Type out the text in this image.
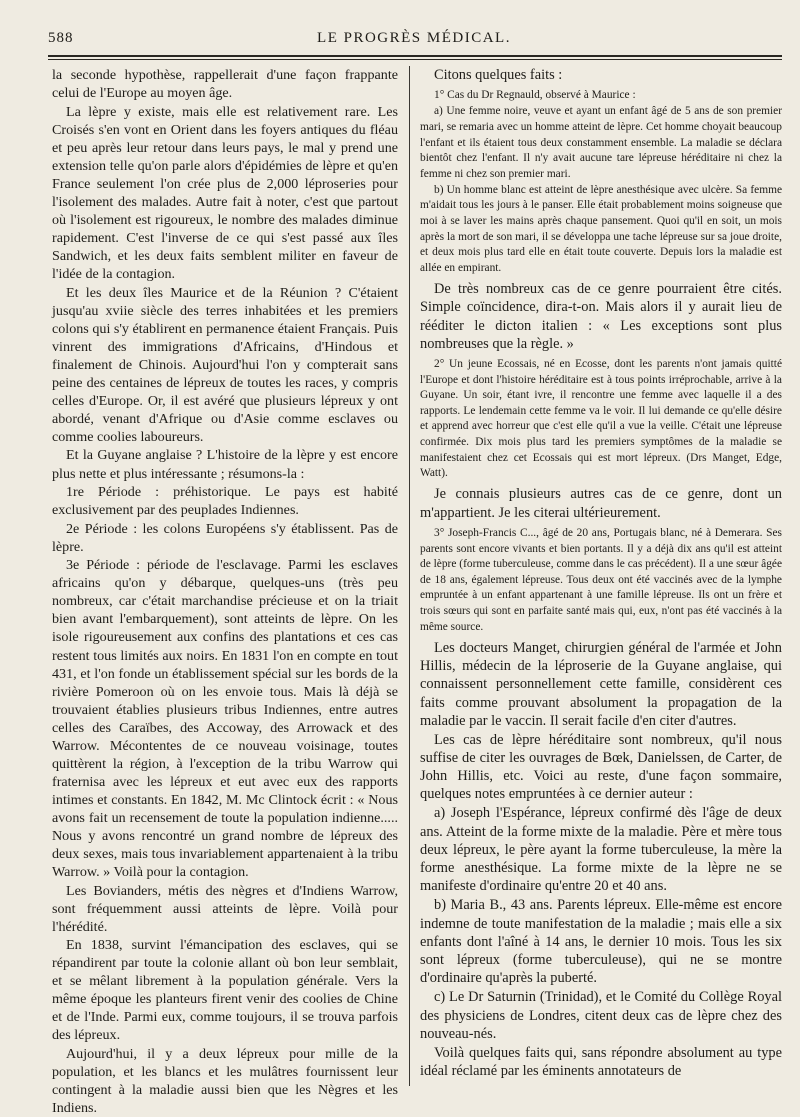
588	LE PROGRÈS MÉDICAL.

la seconde hypothèse, rappellerait d'une façon frappante celui de l'Europe au moyen âge.

La lèpre y existe, mais elle est relativement rare. Les Croisés s'en vont en Orient dans les foyers antiques du fléau et peu après leur retour dans leurs pays, le mal y prend une extension telle qu'on parle alors d'épidémies de lèpre et qu'en France seulement l'on crée plus de 2,000 léproseries pour l'isolement des malades. Autre fait à noter, c'est que partout où l'isolement est rigoureux, le nombre des malades diminue rapidement. C'est l'inverse de ce qui s'est passé aux îles Sandwich, et les deux faits semblent militer en faveur de l'idée de la contagion.

Et les deux îles Maurice et de la Réunion ? C'étaient jusqu'au xviie siècle des terres inhabitées et les premiers colons qui s'y établirent en permanence étaient Français. Puis vinrent des immigrations d'Africains, d'Hindous et finalement de Chinois. Aujourd'hui l'on y compterait sans peine des centaines de lépreux de toutes les races, y compris celles d'Europe. Or, il est avéré que plusieurs lépreux y ont abordé, venant d'Afrique ou d'Asie comme esclaves ou comme coolies laboureurs.

Et la Guyane anglaise ? L'histoire de la lèpre y est encore plus nette et plus intéressante ; résumons-la :

1re Période : préhistorique. Le pays est habité exclusivement par des peuplades Indiennes.

2e Période : les colons Européens s'y établissent. Pas de lèpre.

3e Période : période de l'esclavage. Parmi les esclaves africains qu'on y débarque, quelques-uns (très peu nombreux, car c'était marchandise précieuse et on la triait bien avant l'embarquement), sont atteints de lèpre. On les isole rigoureusement aux confins des plantations et ces cas restent tous limités aux noirs. En 1831 l'on en compte en tout 431, et l'on fonde un établissement spécial sur les bords de la rivière Pomeroon où on les envoie tous. Mais là déjà se trouvaient établies plusieurs tribus Indiennes, entre autres celles des Caraïbes, des Accoway, des Arrowack et des Warrow. Mécontentes de ce nouveau voisinage, toutes quittèrent la région, à l'exception de la tribu Warrow qui fraternisa avec les lépreux et eut avec eux des rapports intimes et constants. En 1842, M. Mc Clintock écrit : « Nous avons fait un recensement de toute la population indienne..... Nous y avons rencontré un grand nombre de lépreux des deux sexes, mais tous invariablement appartenaient à la tribu Warrow. » Voilà pour la contagion.

Les Bovianders, métis des nègres et d'Indiens Warrow, sont fréquemment aussi atteints de lèpre. Voilà pour l'hérédité.

En 1838, survint l'émancipation des esclaves, qui se répandirent par toute la colonie allant où bon leur semblait, et se mêlant librement à la population générale. Vers la même époque les planteurs firent venir des coolies de Chine et de l'Inde. Parmi eux, comme toujours, il se trouva parfois des lépreux.

Aujourd'hui, il y a deux lépreux pour mille de la population, et les blancs et les mulâtres fournissent leur contingent à la maladie aussi bien que les Nègres et les Indiens.

Citons quelques faits :

1° Cas du Dr Regnauld, observé à Maurice :

a) Une femme noire, veuve et ayant un enfant âgé de 5 ans de son premier mari, se remaria avec un homme atteint de lèpre. Cet homme choyait beaucoup l'enfant et ils étaient tous deux constamment ensemble. La maladie se déclara bientôt chez l'enfant. Il n'y avait aucune tare lépreuse héréditaire ni chez la femme ni chez son premier mari.

b) Un homme blanc est atteint de lèpre anesthésique avec ulcère. Sa femme m'aidait tous les jours à le panser. Elle était probablement moins soigneuse que moi à se laver les mains après chaque pansement. Quoi qu'il en soit, un mois après la mort de son mari, il se développa une tache lépreuse sur sa joue droite, et deux mois plus tard elle en était toute couverte. Depuis lors la maladie est allée en empirant.

De très nombreux cas de ce genre pourraient être cités. Simple coïncidence, dira-t-on. Mais alors il y aurait lieu de rééditer le dicton italien : « Les exceptions sont plus nombreuses que la règle. »

2° Un jeune Ecossais, né en Ecosse, dont les parents n'ont jamais quitté l'Europe et dont l'histoire héréditaire est à tous points irréprochable, arrive à la Guyane. Un soir, étant ivre, il rencontre une femme avec laquelle il a des rapports. Le lendemain cette femme va le voir. Il lui demande ce qu'elle désire et apprend avec horreur que c'est elle qu'il a vue la veille. C'était une lépreuse confirmée. Dix mois plus tard les premiers symptômes de la maladie se manifestaient chez cet Ecossais qui est mort lépreux. (Drs Manget, Edge, Watt).

Je connais plusieurs autres cas de ce genre, dont un m'appartient. Je les citerai ultérieurement.

3° Joseph-Francis C..., âgé de 20 ans, Portugais blanc, né à Demerara. Ses parents sont encore vivants et bien portants. Il y a déjà dix ans qu'il est atteint de lèpre (forme tuberculeuse, comme dans le cas précédent). Il a une sœur âgée de 18 ans, également lépreuse. Tous deux ont été vaccinés avec de la lymphe empruntée à un enfant appartenant à une famille lépreuse. Ils ont un frère et trois sœurs qui sont en parfaite santé mais qui, eux, n'ont pas été vaccinés à la même source.

Les docteurs Manget, chirurgien général de l'armée et John Hillis, médecin de la léproserie de la Guyane anglaise, qui connaissent personnellement cette famille, considèrent ces faits comme prouvant absolument la propagation de la maladie par le vaccin. Il serait facile d'en citer d'autres.

Les cas de lèpre héréditaire sont nombreux, qu'il nous suffise de citer les ouvrages de Bœk, Danielssen, de Carter, de John Hillis, etc. Voici au reste, d'une façon sommaire, quelques notes empruntées à ce dernier auteur :

a) Joseph l'Espérance, lépreux confirmé dès l'âge de deux ans. Atteint de la forme mixte de la maladie. Père et mère tous deux lépreux, le père ayant la forme tuberculeuse, la mère la forme anesthésique. La forme mixte de la lèpre ne se manifeste d'ordinaire qu'entre 20 et 40 ans.

b) Maria B., 43 ans. Parents lépreux. Elle-même est encore indemne de toute manifestation de la maladie ; mais elle a six enfants dont l'aîné à 14 ans, le dernier 10 mois. Tous les six sont lépreux (forme tuberculeuse), qui ne se montre d'ordinaire qu'après la puberté.

c) Le Dr Saturnin (Trinidad), et le Comité du Collège Royal des physiciens de Londres, citent deux cas de lèpre chez des nouveau-nés.

Voilà quelques faits qui, sans répondre absolument au type idéal réclamé par les éminents annotateurs de
